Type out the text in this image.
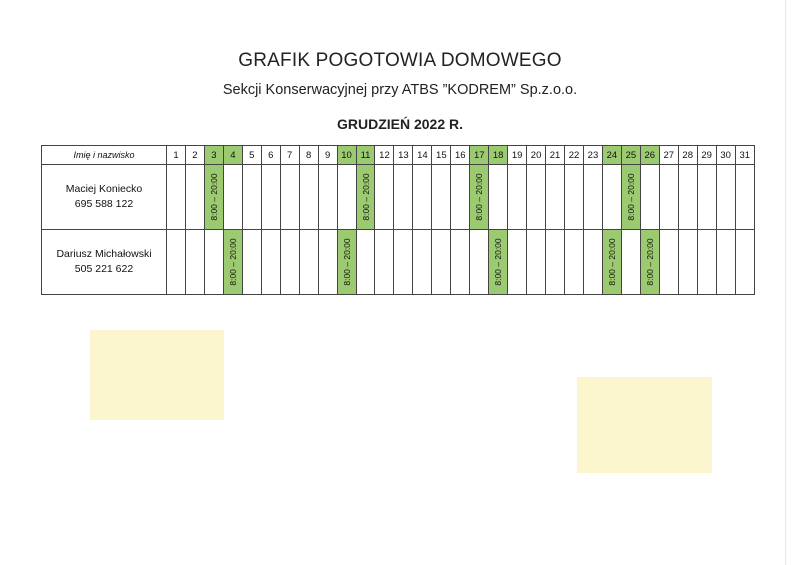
GRAFIK POGOTOWIA DOMOWEGO
Sekcji Konserwacyjnej przy ATBS ”KODREM” Sp.z.o.o.
GRUDZIEŃ 2022 R.
Imię i nazwisko	1	2	3	4	5	6	7	8	9	10	11	12	13	14	15	16	17	18	19	20	21	22	23	24	25	26	27	28	29	30	31

Maciej Koniecko
695 588 122			8:00 – 20:00								8:00 – 20:00						8:00 – 20:00								8:00 – 20:00						

Dariusz Michałowski
505 221 622				8:00 – 20:00						8:00 – 20:00								8:00 – 20:00						8:00 – 20:00		8:00 – 20:00					
